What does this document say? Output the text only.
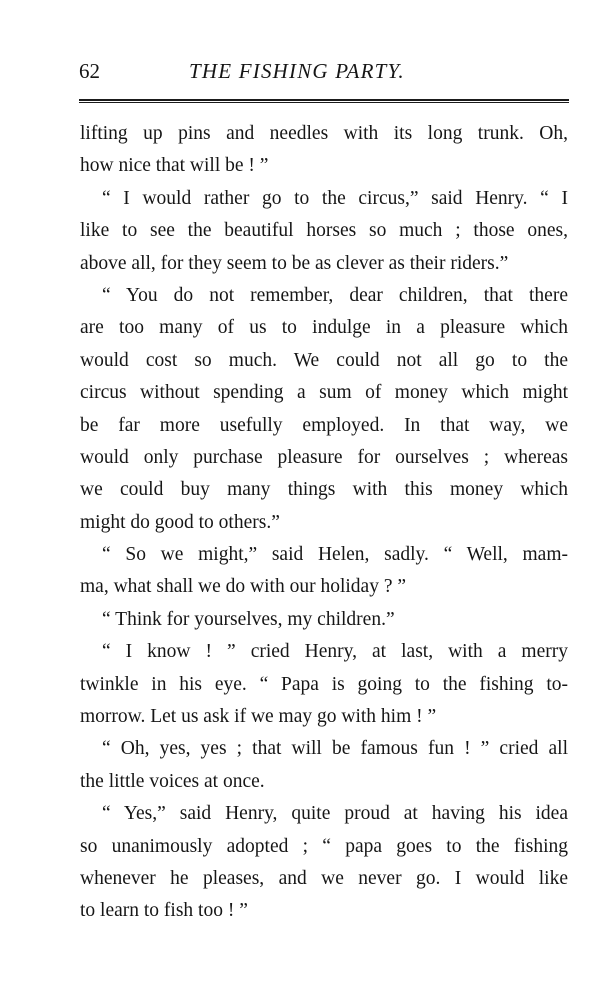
62	THE FISHING PARTY.
lifting up pins and needles with its long trunk. Oh,
how nice that will be ! ”
“ I would rather go to the circus,” said Henry. “ I
like to see the beautiful horses so much ; those ones,
above all, for they seem to be as clever as their riders.”
“ You do not remember, dear children, that there
are too many of us to indulge in a pleasure which
would cost so much. We could not all go to the
circus without spending a sum of money which might
be far more usefully employed. In that way, we
would only purchase pleasure for ourselves ; whereas
we could buy many things with this money which
might do good to others.”
“ So we might,” said Helen, sadly. “ Well, mam-
ma, what shall we do with our holiday ? ”
“ Think for yourselves, my children.”
“ I know ! ” cried Henry, at last, with a merry
twinkle in his eye. “ Papa is going to the fishing to-
morrow. Let us ask if we may go with him ! ”
“ Oh, yes, yes ; that will be famous fun ! ” cried all
the little voices at once.
“ Yes,” said Henry, quite proud at having his idea
so unanimously adopted ; “ papa goes to the fishing
whenever he pleases, and we never go. I would like
to learn to fish too ! ”
